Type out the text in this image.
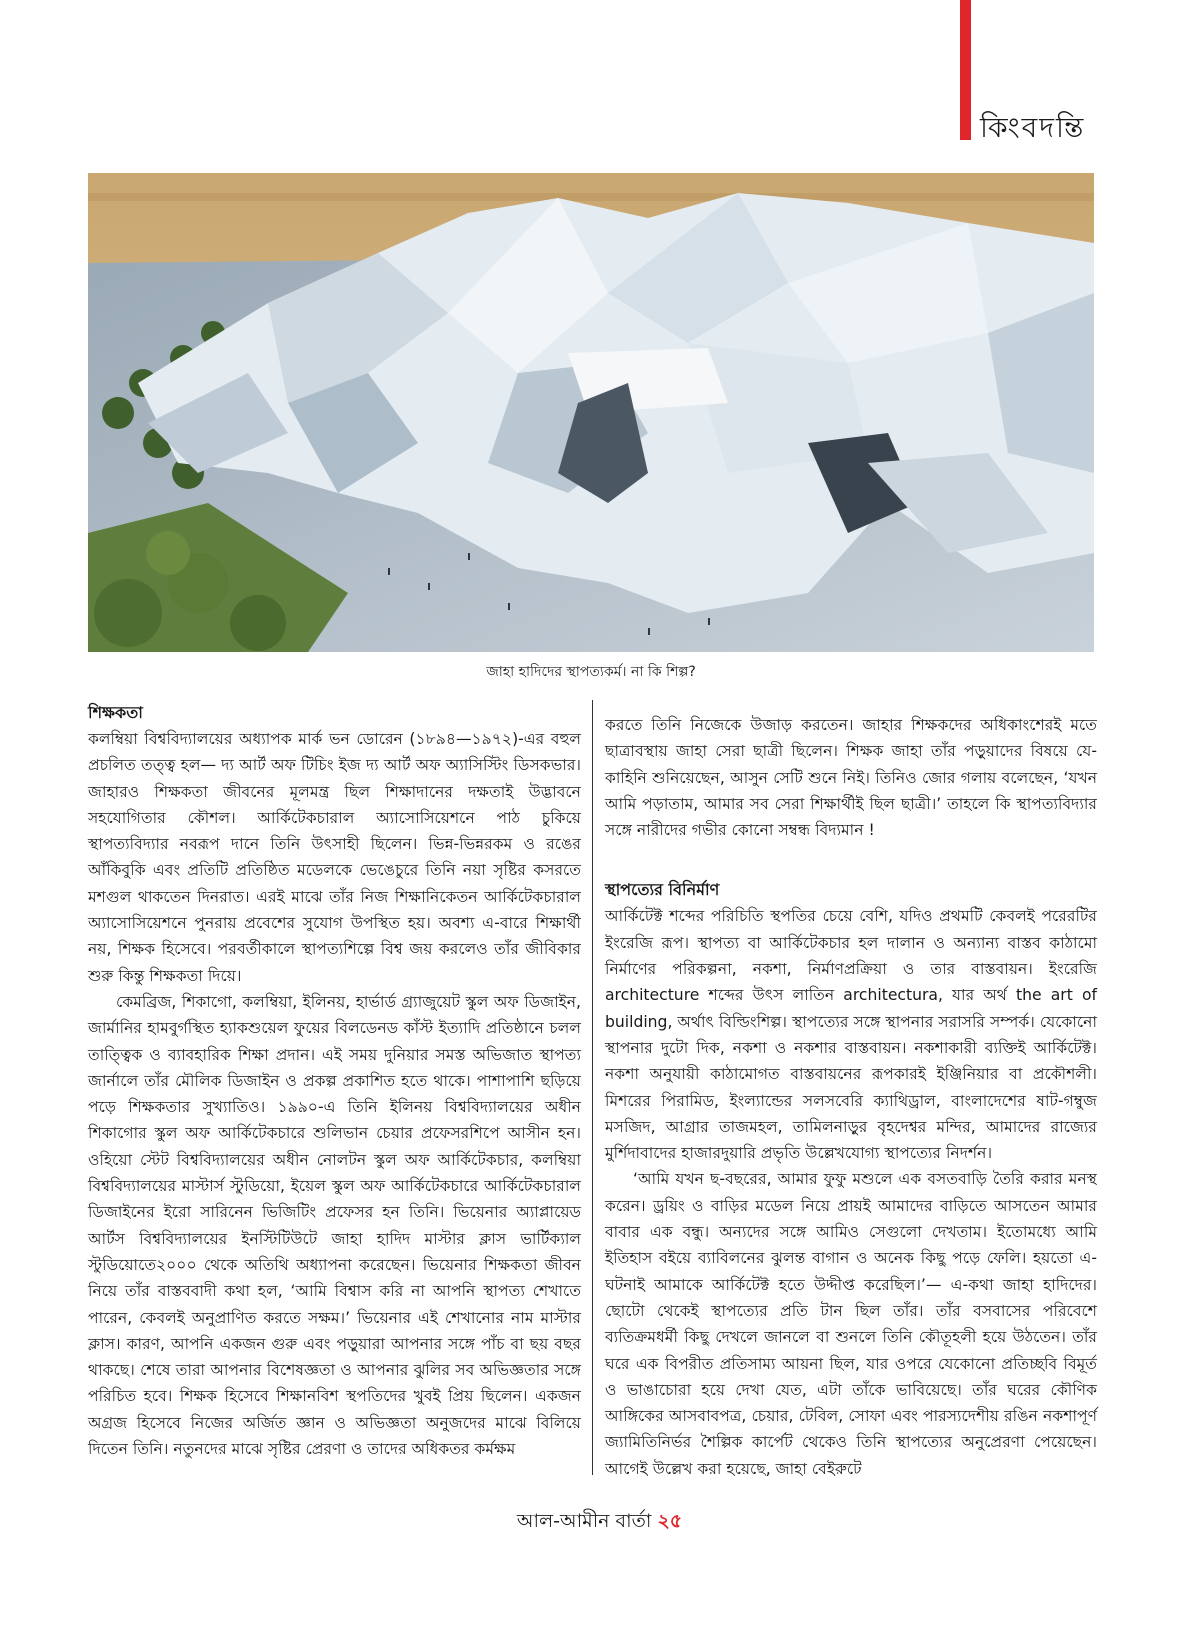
কিংবদন্তি
জাহা হাদিদের স্থাপত্যকর্ম। না কি শিল্প?
শিক্ষকতা

কলম্বিয়া বিশ্ববিদ্যালয়ের অধ্যাপক মার্ক ভন ডোরেন (১৮৯৪—১৯৭২)-এর বহুল প্রচলিত তত্ত্ব হল— দ্য আর্ট অফ টিচিং ইজ দ্য আর্ট অফ অ্যাসিস্টিং ডিসকভার। জাহারও শিক্ষকতা জীবনের মূলমন্ত্র ছিল শিক্ষাদানের দক্ষতাই উদ্ভাবনে সহযোগিতার কৌশল। আর্কিটেকচারাল অ্যাসোসিয়েশনে পাঠ চুকিয়ে স্থাপত্যবিদ্যার নবরূপ দানে তিনি উৎসাহী ছিলেন। ভিন্ন-ভিন্নরকম ও রঙের আঁকিবুকি এবং প্রতিটি প্রতিষ্ঠিত মডেলকে ভেঙেচুরে তিনি নয়া সৃষ্টির কসরতে মশগুল থাকতেন দিনরাত। এরই মাঝে তাঁর নিজ শিক্ষানিকেতন আর্কিটেকচারাল অ্যাসোসিয়েশনে পুনরায় প্রবেশের সুযোগ উপস্থিত হয়। অবশ্য এ-বারে শিক্ষার্থী নয়, শিক্ষক হিসেবে। পরবর্তীকালে স্থাপত্যশিল্পে বিশ্ব জয় করলেও তাঁর জীবিকার শুরু কিন্তু শিক্ষকতা দিয়ে।

কেমব্রিজ, শিকাগো, কলম্বিয়া, ইলিনয়, হার্ভার্ড গ্র্যাজুয়েট স্কুল অফ ডিজাইন, জার্মানির হামবুর্গস্থিত হ্যাকশুয়েল ফুয়ের বিলডেনড কাঁস্ট ইত্যাদি প্রতিষ্ঠানে চলল তাত্ত্বিক ও ব্যাবহারিক শিক্ষা প্রদান। এই সময় দুনিয়ার সমস্ত অভিজাত স্থাপত্য জার্নালে তাঁর মৌলিক ডিজাইন ও প্রকল্প প্রকাশিত হতে থাকে। পাশাপাশি ছড়িয়ে পড়ে শিক্ষকতার সুখ্যাতিও। ১৯৯০-এ তিনি ইলিনয় বিশ্ববিদ্যালয়ের অধীন শিকাগোর স্কুল অফ আর্কিটেকচারে শুলিভান চেয়ার প্রফেসরশিপে আসীন হন। ওহিয়ো স্টেট বিশ্ববিদ্যালয়ের অধীন নোলটন স্কুল অফ আর্কিটেকচার, কলম্বিয়া বিশ্ববিদ্যালয়ের মাস্টার্স স্টুডিয়ো, ইয়েল স্কুল অফ আর্কিটেকচারে আর্কিটেকচারাল ডিজাইনের ইরো সারিনেন ভিজিটিং প্রফেসর হন তিনি। ভিয়েনার অ্যাপ্লায়েড আর্টস বিশ্ববিদ্যালয়ের ইনস্টিটিউটে জাহা হাদিদ মাস্টার ক্লাস ভার্টিক্যাল স্টুডিয়োতে২০০০ থেকে অতিথি অধ্যাপনা করেছেন। ভিয়েনার শিক্ষকতা জীবন নিয়ে তাঁর বাস্তববাদী কথা হল, ‘আমি বিশ্বাস করি না আপনি স্থাপত্য শেখাতে পারেন, কেবলই অনুপ্রাণিত করতে সক্ষম।’ ভিয়েনার এই শেখানোর নাম মাস্টার ক্লাস। কারণ, আপনি একজন গুরু এবং পড়ুয়ারা আপনার সঙ্গে পাঁচ বা ছয় বছর থাকছে। শেষে তারা আপনার বিশেষজ্ঞতা ও আপনার ঝুলির সব অভিজ্ঞতার সঙ্গে পরিচিত হবে। শিক্ষক হিসেবে শিক্ষানবিশ স্থপতিদের খুবই প্রিয় ছিলেন। একজন অগ্রজ হিসেবে নিজের অর্জিত জ্ঞান ও অভিজ্ঞতা অনুজদের মাঝে বিলিয়ে দিতেন তিনি। নতুনদের মাঝে সৃষ্টির প্রেরণা ও তাদের অধিকতর কর্মক্ষম

করতে তিনি নিজেকে উজাড় করতেন। জাহার শিক্ষকদের অধিকাংশেরই মতে ছাত্রাবস্থায় জাহা সেরা ছাত্রী ছিলেন। শিক্ষক জাহা তাঁর পড়ুয়াদের বিষয়ে যে-কাহিনি শুনিয়েছেন, আসুন সেটি শুনে নিই। তিনিও জোর গলায় বলেছেন, ‘যখন আমি পড়াতাম, আমার সব সেরা শিক্ষার্থীই ছিল ছাত্রী।’ তাহলে কি স্থাপত্যবিদ্যার সঙ্গে নারীদের গভীর কোনো সম্বন্ধ বিদ্যমান !

স্থাপত্যের বিনির্মাণ

আর্কিটেক্ট শব্দের পরিচিতি স্থপতির চেয়ে বেশি, যদিও প্রথমটি কেবলই পরেরটির ইংরেজি রূপ। স্থাপত্য বা আর্কিটেকচার হল দালান ও অন্যান্য বাস্তব কাঠামো নির্মাণের পরিকল্পনা, নকশা, নির্মাণপ্রক্রিয়া ও তার বাস্তবায়ন। ইংরেজি architecture শব্দের উৎস লাতিন architectura, যার অর্থ the art of building, অর্থাৎ বিল্ডিংশিল্প। স্থাপত্যের সঙ্গে স্থাপনার সরাসরি সম্পর্ক। যেকোনো স্থাপনার দুটো দিক, নকশা ও নকশার বাস্তবায়ন। নকশাকারী ব্যক্তিই আর্কিটেক্ট। নকশা অনুযায়ী কাঠামোগত বাস্তবায়নের রূপকারই ইঞ্জিনিয়ার বা প্রকৌশলী। মিশরের পিরামিড, ইংল্যান্ডের সলসবেরি ক্যাথিড্রাল, বাংলাদেশের ষাট-গম্বুজ মসজিদ, আগ্রার তাজমহল, তামিলনাড়ুর বৃহদেশ্বর মন্দির, আমাদের রাজ্যের মুর্শিদাবাদের হাজারদুয়ারি প্রভৃতি উল্লেখযোগ্য স্থাপত্যের নিদর্শন।

‘আমি যখন ছ-বছরের, আমার ফুফু মশুলে এক বসতবাড়ি তৈরি করার মনস্থ করেন। ড্রয়িং ও বাড়ির মডেল নিয়ে প্রায়ই আমাদের বাড়িতে আসতেন আমার বাবার এক বন্ধু। অন্যদের সঙ্গে আমিও সেগুলো দেখতাম। ইতোমধ্যে আমি ইতিহাস বইয়ে ব্যাবিলনের ঝুলন্ত বাগান ও অনেক কিছু পড়ে ফেলি। হয়তো এ-ঘটনাই আমাকে আর্কিটেক্ট হতে উদ্দীপ্ত করেছিল।’— এ-কথা জাহা হাদিদের। ছোটো থেকেই স্থাপত্যের প্রতি টান ছিল তাঁর। তাঁর বসবাসের পরিবেশে ব্যতিক্রমধর্মী কিছু দেখলে জানলে বা শুনলে তিনি কৌতূহলী হয়ে উঠতেন। তাঁর ঘরে এক বিপরীত প্রতিসাম্য আয়না ছিল, যার ওপরে যেকোনো প্রতিচ্ছবি বিমূর্ত ও ভাঙাচোরা হয়ে দেখা যেত, এটা তাঁকে ভাবিয়েছে। তাঁর ঘরের কৌণিক আঙ্গিকের আসবাবপত্র, চেয়ার, টেবিল, সোফা এবং পারস্যদেশীয় রঙিন নকশাপূর্ণ জ্যামিতিনির্ভর শৈল্পিক কার্পেট থেকেও তিনি স্থাপত্যের অনুপ্রেরণা পেয়েছেন। আগেই উল্লেখ করা হয়েছে, জাহা বেইরুটে

আল-আমীন বার্তা ২৫
